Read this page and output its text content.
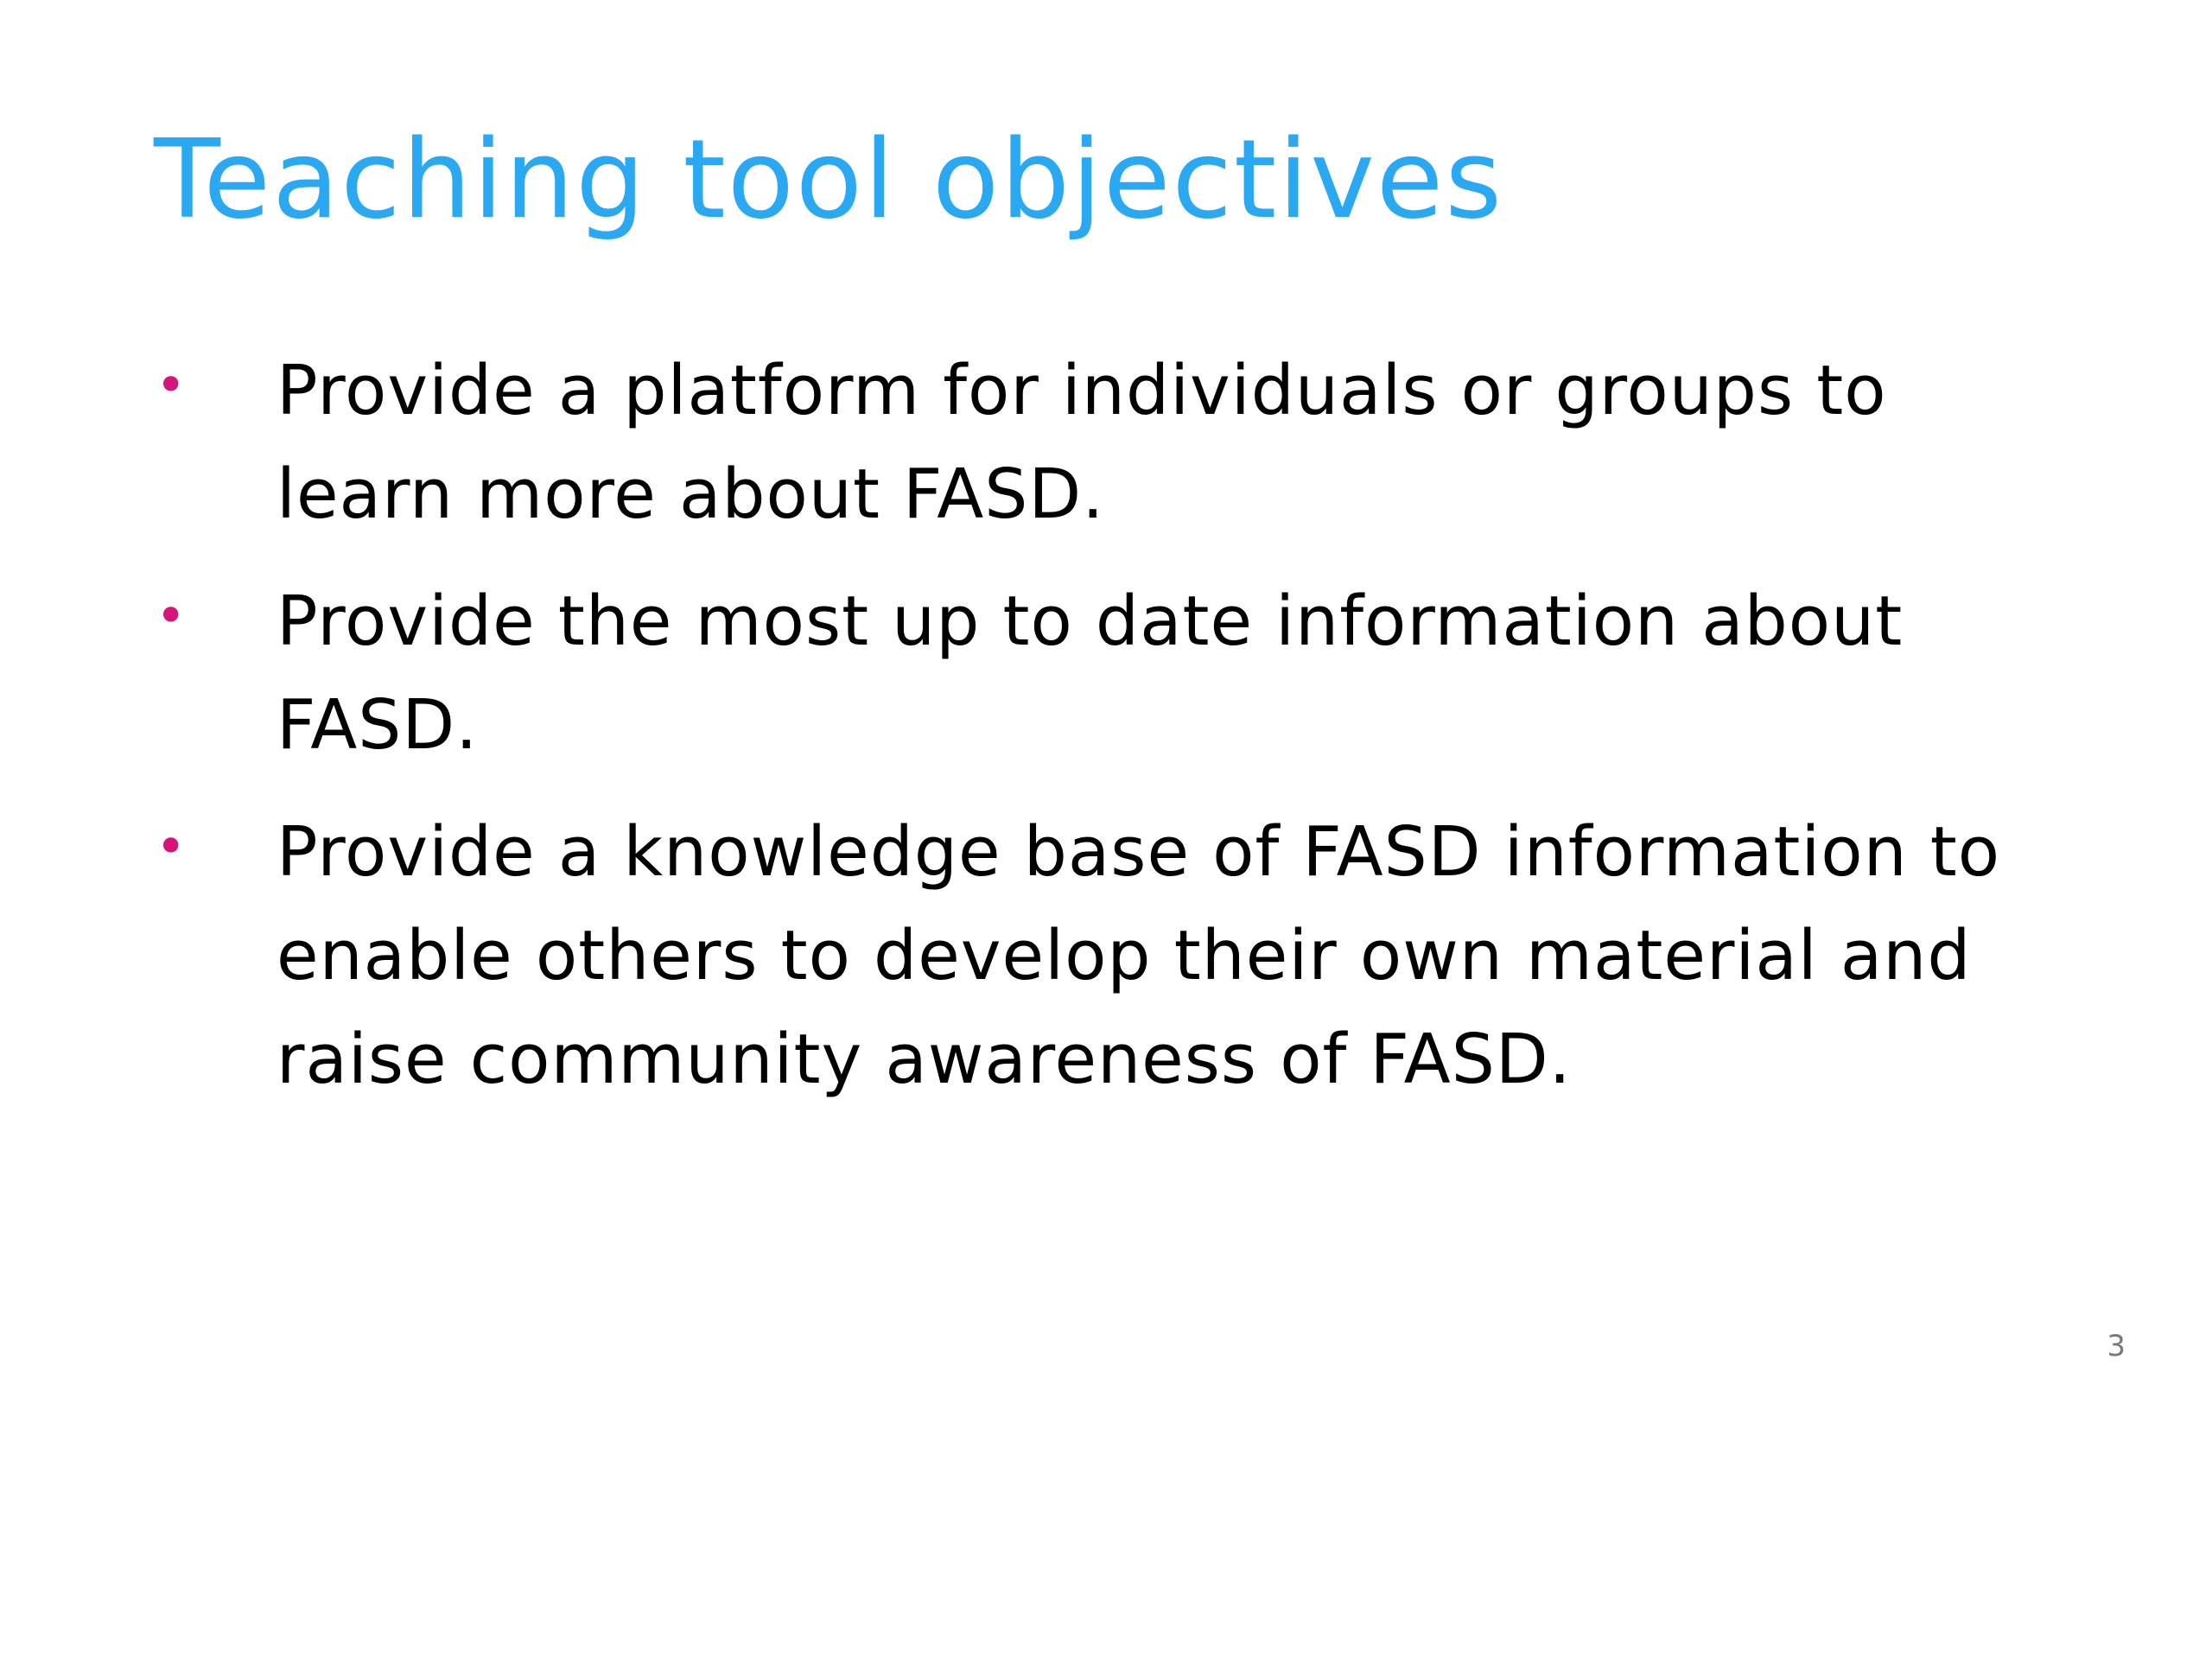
Teaching tool objectives
• Provide a platform for individuals or groups to learn more about FASD.
• Provide the most up to date information about FASD.
• Provide a knowledge base of FASD information to enable others to develop their own material and raise community awareness of FASD.
3
